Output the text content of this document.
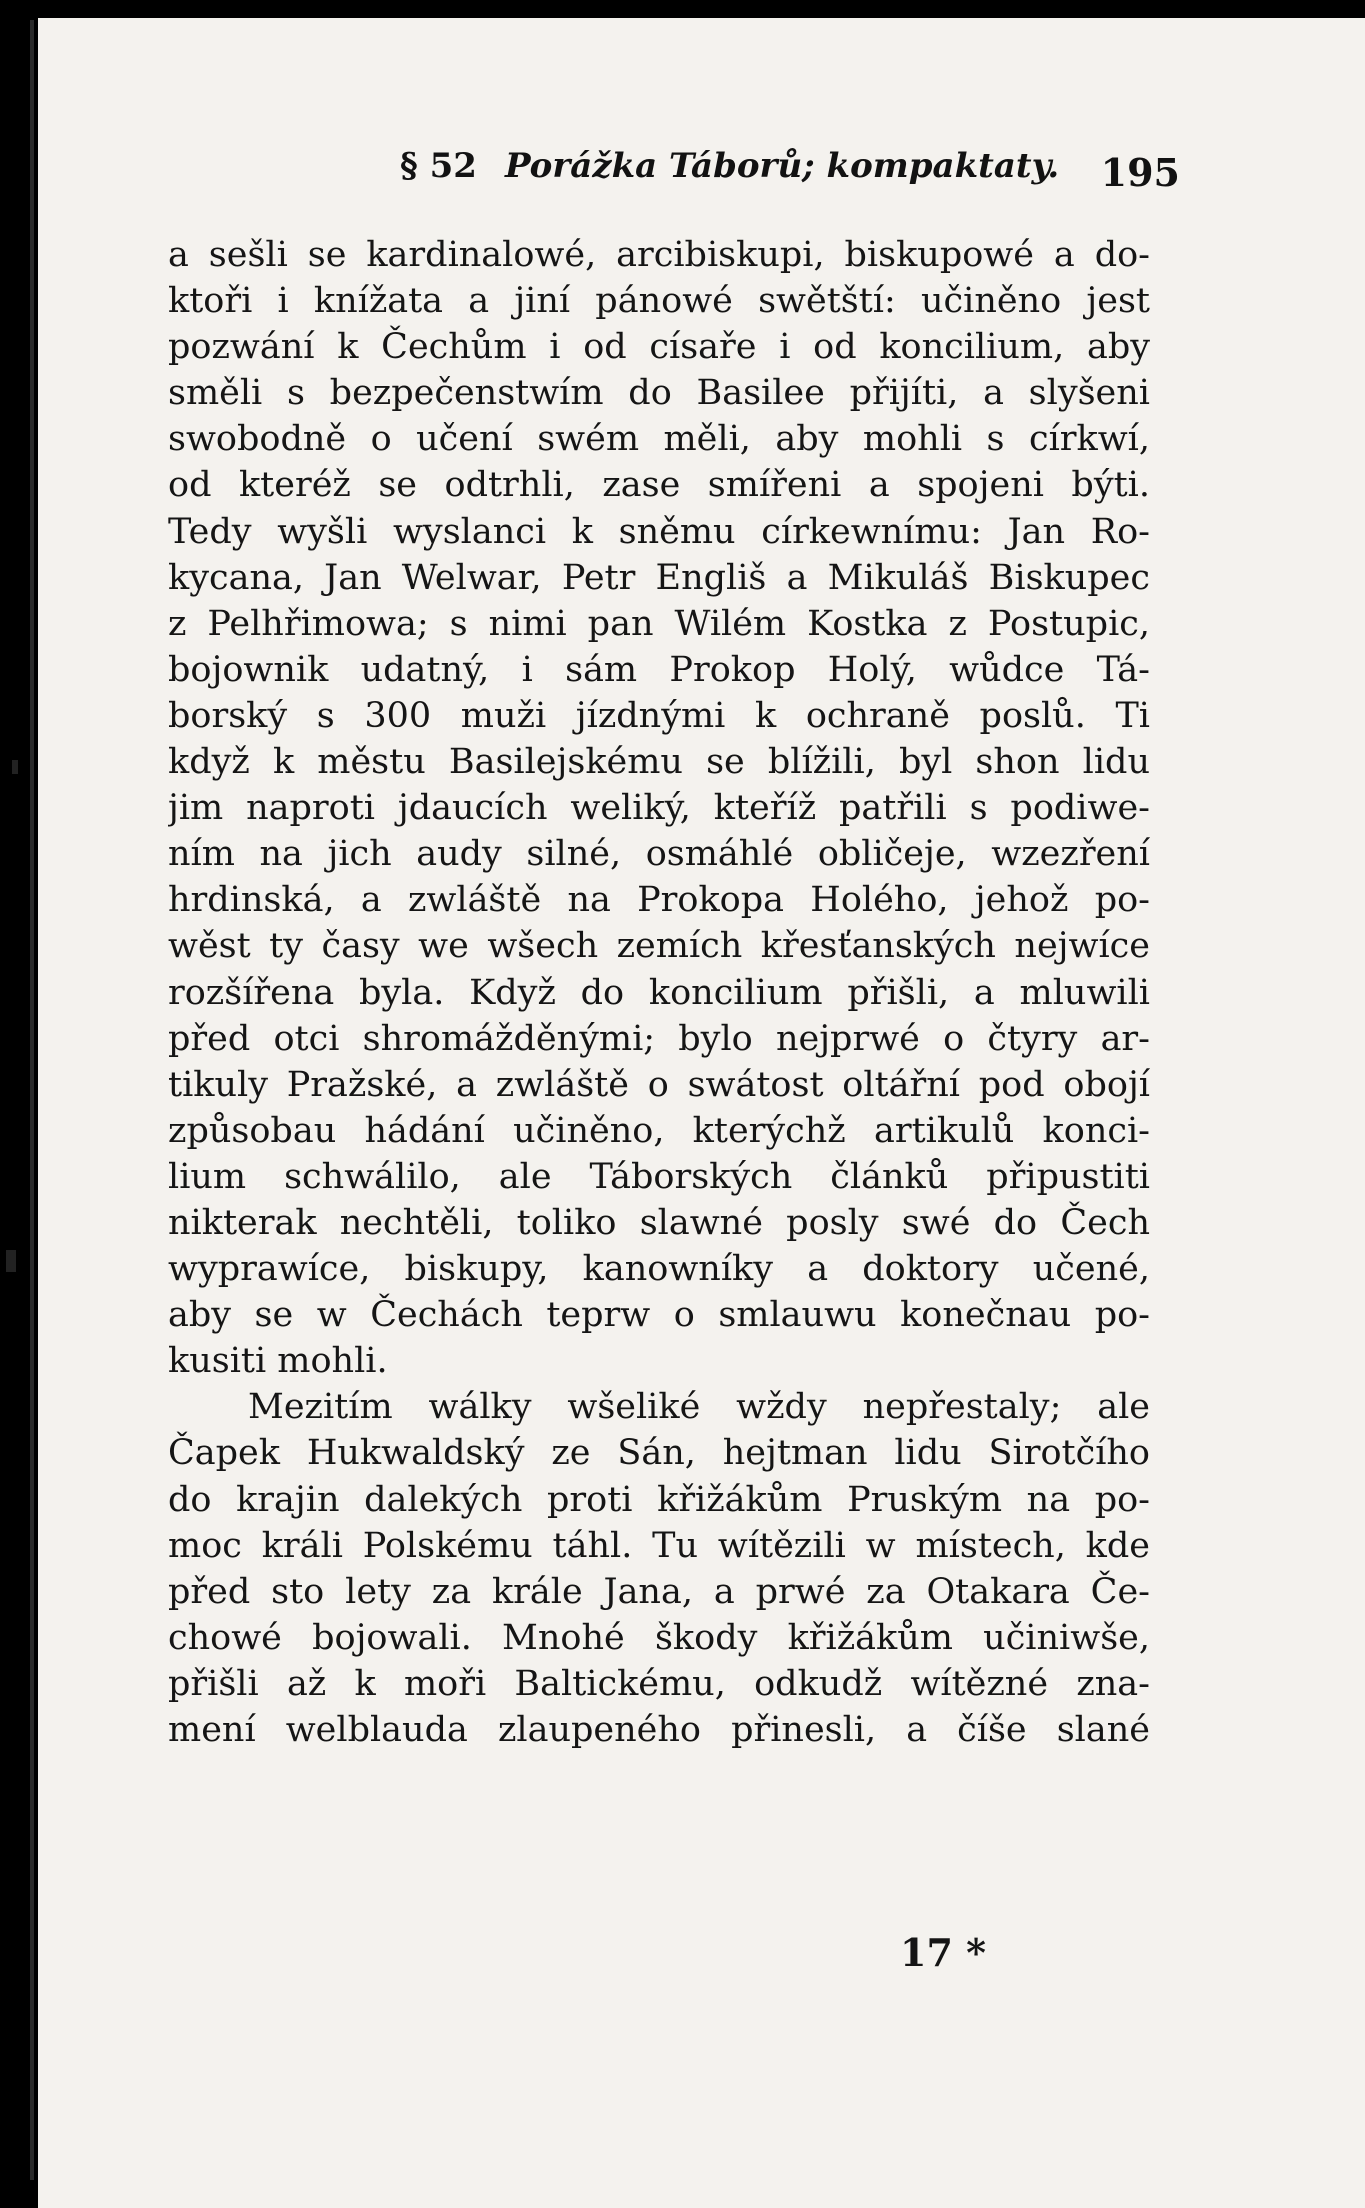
§ 52 Porážka Táborů; kompaktaty. 195
a sešli se kardinalowé, arcibiskupi, biskupowé a do-
ktoři i knížata a jiní pánowé swětští: učiněno jest
pozwání k Čechům i od císaře i od koncilium, aby
směli s bezpečenstwím do Basilee přijíti, a slyšeni
swobodně o učení swém měli, aby mohli s církwí,
od kteréž se odtrhli, zase smířeni a spojeni býti.
Tedy wyšli wyslanci k sněmu církewnímu: Jan Ro-
kycana, Jan Welwar, Petr Engliš a Mikuláš Biskupec
z Pelhřimowa; s nimi pan Wilém Kostka z Postupic,
bojownik udatný, i sám Prokop Holý, wůdce Tá-
borský s 300 muži jízdnými k ochraně poslů. Ti
když k městu Basilejskému se blížili, byl shon lidu
jim naproti jdaucích weliký, kteříž patřili s podiwe-
ním na jich audy silné, osmáhlé obličeje, wzezření
hrdinská, a zwláště na Prokopa Holého, jehož po-
wěst ty časy we wšech zemích křesťanských nejwíce
rozšířena byla. Když do koncilium přišli, a mluwili
před otci shromážděnými; bylo nejprwé o čtyry ar-
tikuly Pražské, a zwláště o swátost oltářní pod obojí
způsobau hádání učiněno, kterýchž artikulů konci-
lium schwálilo, ale Táborských článků připustiti
nikterak nechtěli, toliko slawné posly swé do Čech
wyprawíce, biskupy, kanowníky a doktory učené,
aby se w Čechách teprw o smlauwu konečnau po-
kusiti mohli.
Mezitím wálky wšeliké wždy nepřestaly; ale
Čapek Hukwaldský ze Sán, hejtman lidu Sirotčího
do krajin dalekých proti křižákům Pruským na po-
moc králi Polskému táhl. Tu wítězili w místech, kde
před sto lety za krále Jana, a prwé za Otakara Če-
chowé bojowali. Mnohé škody křižákům učiniwše,
přišli až k moři Baltickému, odkudž wítězné zna-
mení welblauda zlaupeného přinesli, a číše slané
17 *
